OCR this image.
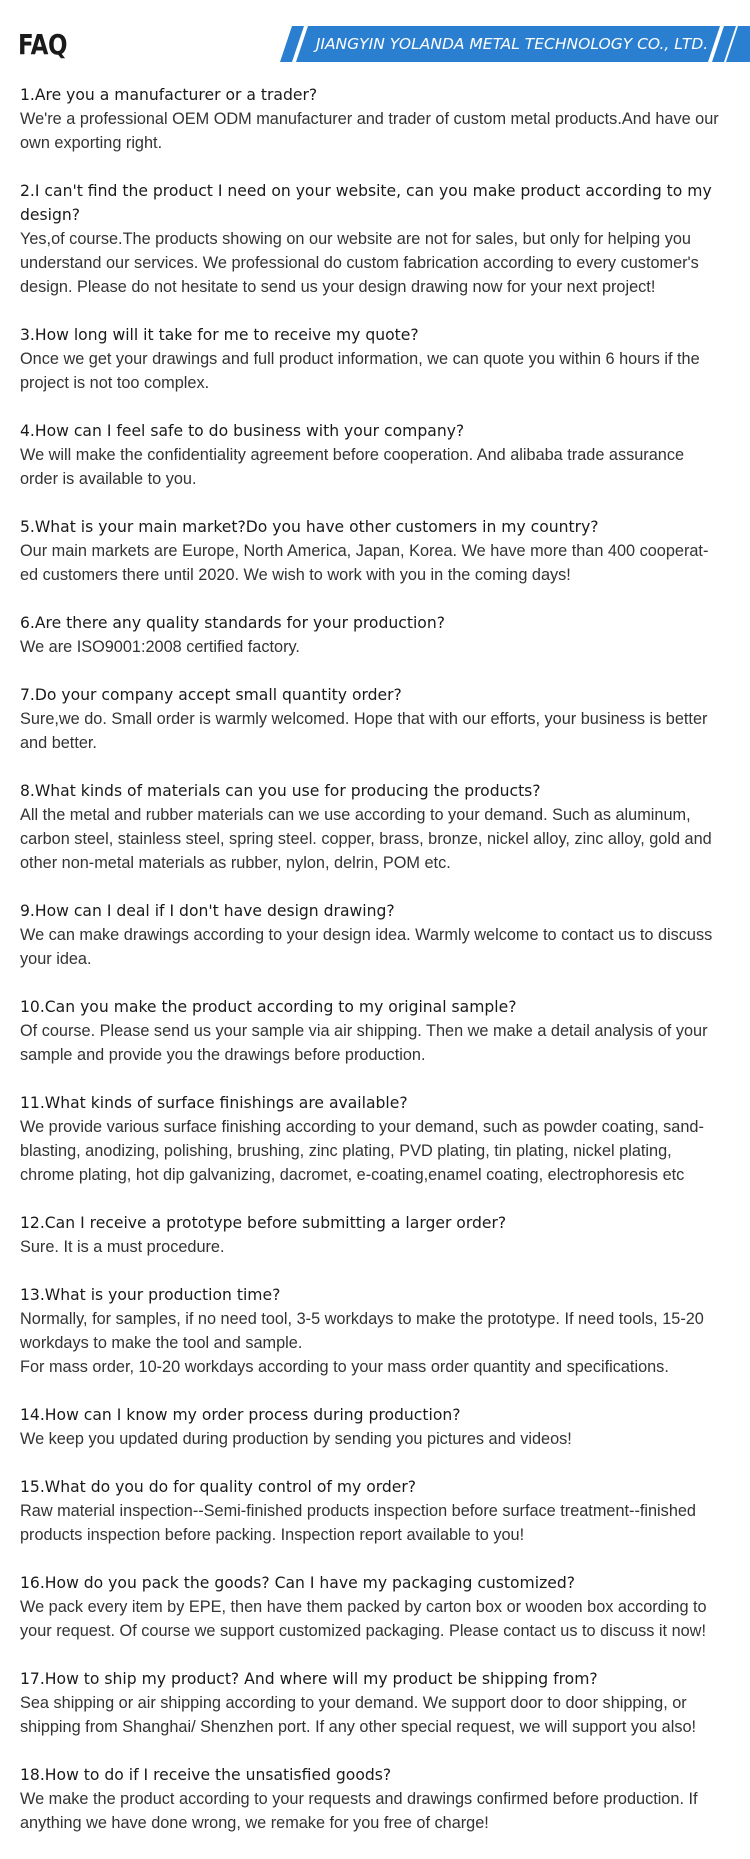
FAQ	JIANGYIN YOLANDA METAL TECHNOLOGY CO., LTD.
1.Are you a manufacturer or a trader?

We're a professional OEM ODM manufacturer and trader of custom metal products.And have our own exporting right.

2.I can't find the product I need on your website, can you make product according to my design?

Yes,of course.The products showing on our website are not for sales, but only for helping you understand our services. We professional do custom fabrication according to every customer's design. Please do not hesitate to send us your design drawing now for your next project!

3.How long will it take for me to receive my quote?

Once we get your drawings and full product information, we can quote you within 6 hours if the project is not too complex.

4.How can I feel safe to do business with your company?

We will make the confidentiality agreement before cooperation. And alibaba trade assurance order is available to you.

5.What is your main market?Do you have other customers in my country?

Our main markets are Europe, North America, Japan, Korea. We have more than 400 cooperat-ed customers there until 2020. We wish to work with you in the coming days!

6.Are there any quality standards for your production?

We are ISO9001:2008 certified factory.

7.Do your company accept small quantity order?

Sure,we do. Small order is warmly welcomed. Hope that with our efforts, your business is better and better.

8.What kinds of materials can you use for producing the products?

All the metal and rubber materials can we use according to your demand. Such as aluminum, carbon steel, stainless steel, spring steel. copper, brass, bronze, nickel alloy, zinc alloy, gold and other non-metal materials as rubber, nylon, delrin, POM etc.

9.How can I deal if I don't have design drawing?

We can make drawings according to your design idea. Warmly welcome to contact us to discuss your idea.

10.Can you make the product according to my original sample?

Of course. Please send us your sample via air shipping. Then we make a detail analysis of your sample and provide you the drawings before production.

11.What kinds of surface finishings are available?

We provide various surface finishing according to your demand, such as powder coating, sand-blasting, anodizing, polishing, brushing, zinc plating, PVD plating, tin plating, nickel plating, chrome plating, hot dip galvanizing, dacromet, e-coating,enamel coating, electrophoresis etc

12.Can I receive a prototype before submitting a larger order?

Sure. It is a must procedure.

13.What is your production time?

Normally, for samples, if no need tool, 3-5 workdays to make the prototype. If need tools, 15-20 workdays to make the tool and sample.

For mass order, 10-20 workdays according to your mass order quantity and specifications.

14.How can I know my order process during production?

We keep you updated during production by sending you pictures and videos!

15.What do you do for quality control of my order?

Raw material inspection--Semi-finished products inspection before surface treatment--finished products inspection before packing. Inspection report available to you!

16.How do you pack the goods? Can I have my packaging customized?

We pack every item by EPE, then have them packed by carton box or wooden box according to your request. Of course we support customized packaging. Please contact us to discuss it now!

17.How to ship my product? And where will my product be shipping from?

Sea shipping or air shipping according to your demand. We support door to door shipping, or shipping from Shanghai/ Shenzhen port. If any other special request, we will support you also!

18.How to do if I receive the unsatisfied goods?

We make the product according to your requests and drawings confirmed before production. If anything we have done wrong, we remake for you free of charge!
